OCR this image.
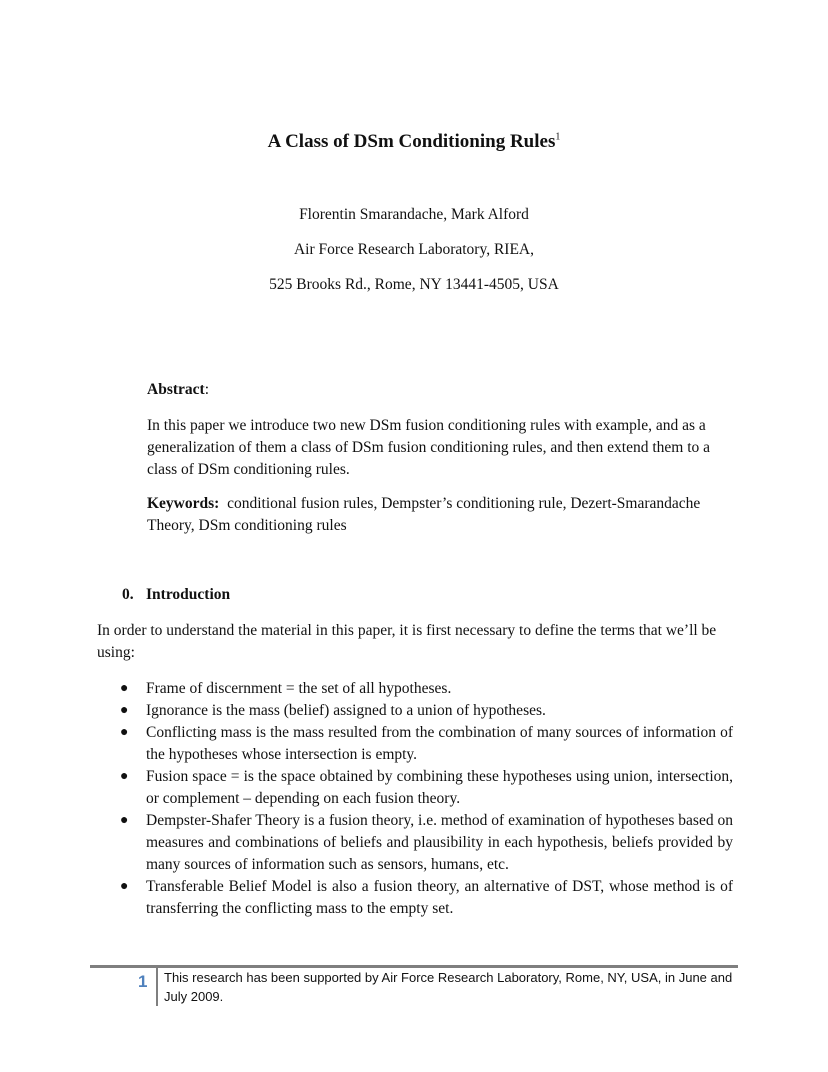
A Class of DSm Conditioning Rules$^1$
Florentin Smarandache, Mark Alford
Air Force Research Laboratory, RIEA,
525 Brooks Rd., Rome, NY 13441-4505, USA
Abstract:
In this paper we introduce two new DSm fusion conditioning rules with example, and as a generalization of them a class of DSm fusion conditioning rules, and then extend them to a class of DSm conditioning rules.
Keywords: conditional fusion rules, Dempster’s conditioning rule, Dezert-Smarandache Theory, DSm conditioning rules
0. Introduction
In order to understand the material in this paper, it is first necessary to define the terms that we’ll be using:
● Frame of discernment = the set of all hypotheses.
● Ignorance is the mass (belief) assigned to a union of hypotheses.
● Conflicting mass is the mass resulted from the combination of many sources of information of the hypotheses whose intersection is empty.
● Fusion space = is the space obtained by combining these hypotheses using union, intersection, or complement – depending on each fusion theory.
● Dempster-Shafer Theory is a fusion theory, i.e. method of examination of hypotheses based on measures and combinations of beliefs and plausibility in each hypothesis, beliefs provided by many sources of information such as sensors, humans, etc.
● Transferable Belief Model is also a fusion theory, an alternative of DST, whose method is of transferring the conflicting mass to the empty set.
1 This research has been supported by Air Force Research Laboratory, Rome, NY, USA, in June and July 2009.
